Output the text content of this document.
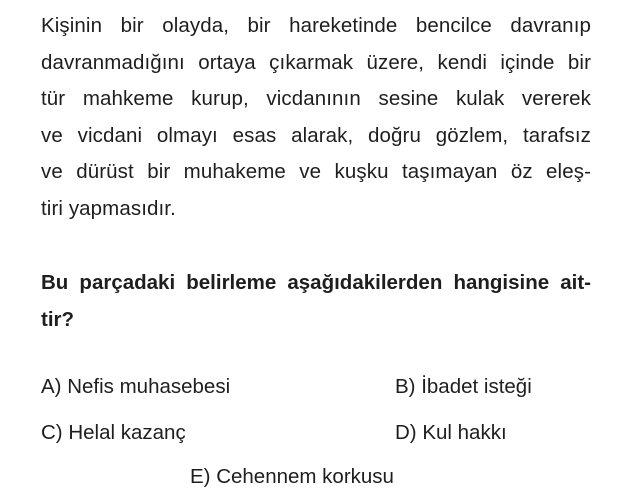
Kişinin bir olayda, bir hareketinde bencilce davranıp
davranmadığını ortaya çıkarmak üzere, kendi içinde bir
tür mahkeme kurup, vicdanının sesine kulak vererek
ve vicdani olmayı esas alarak, doğru gözlem, tarafsız
ve dürüst bir muhakeme ve kuşku taşımayan öz eleş-
tiri yapmasıdır.
Bu parçadaki belirleme aşağıdakilerden hangisine ait-
tir?
A) Nefis muhasebesi	B) İbadet isteği
C) Helal kazanç	D) Kul hakkı
E) Cehennem korkusu
